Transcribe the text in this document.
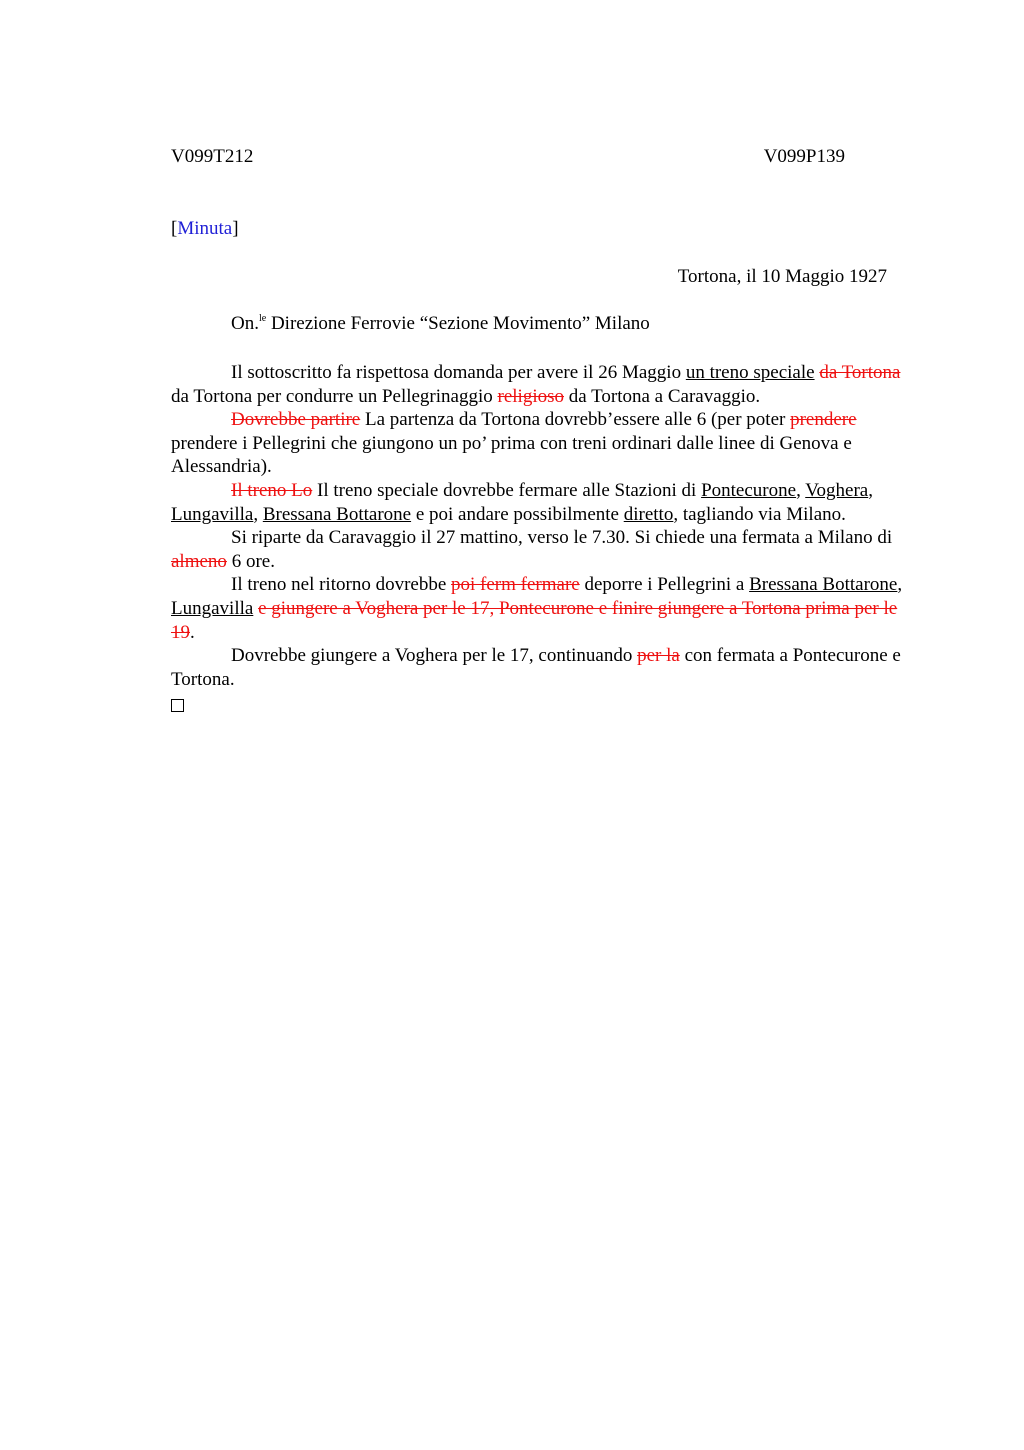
V099T212	V099P139
[Minuta]
Tortona, il 10 Maggio 1927
On.$^{le}$ Direzione Ferrovie “Sezione Movimento” Milano

Il sottoscritto fa rispettosa domanda per avere il 26 Maggio un treno speciale da Tortona da Tortona per condurre un Pellegrinaggio religioso da Tortona a Caravaggio.

Dovrebbe partire La partenza da Tortona dovrebb’essere alle 6 (per poter prendere prendere i Pellegrini che giungono un po’ prima con treni ordinari dalle linee di Genova e Alessandria).

Il treno Lo Il treno speciale dovrebbe fermare alle Stazioni di Pontecurone, Voghera, Lungavilla, Bressana Bottarone e poi andare possibilmente diretto, tagliando via Milano.

Si riparte da Caravaggio il 27 mattino, verso le 7.30. Si chiede una fermata a Milano di almeno 6 ore.

Il treno nel ritorno dovrebbe poi ferm fermare deporre i Pellegrini a Bressana Bottarone, Lungavilla e giungere a Voghera per le 17, Pontecurone e finire giungere a Tortona prima per le 19.

Dovrebbe giungere a Voghera per le 17, continuando per la con fermata a Pontecurone e Tortona.
